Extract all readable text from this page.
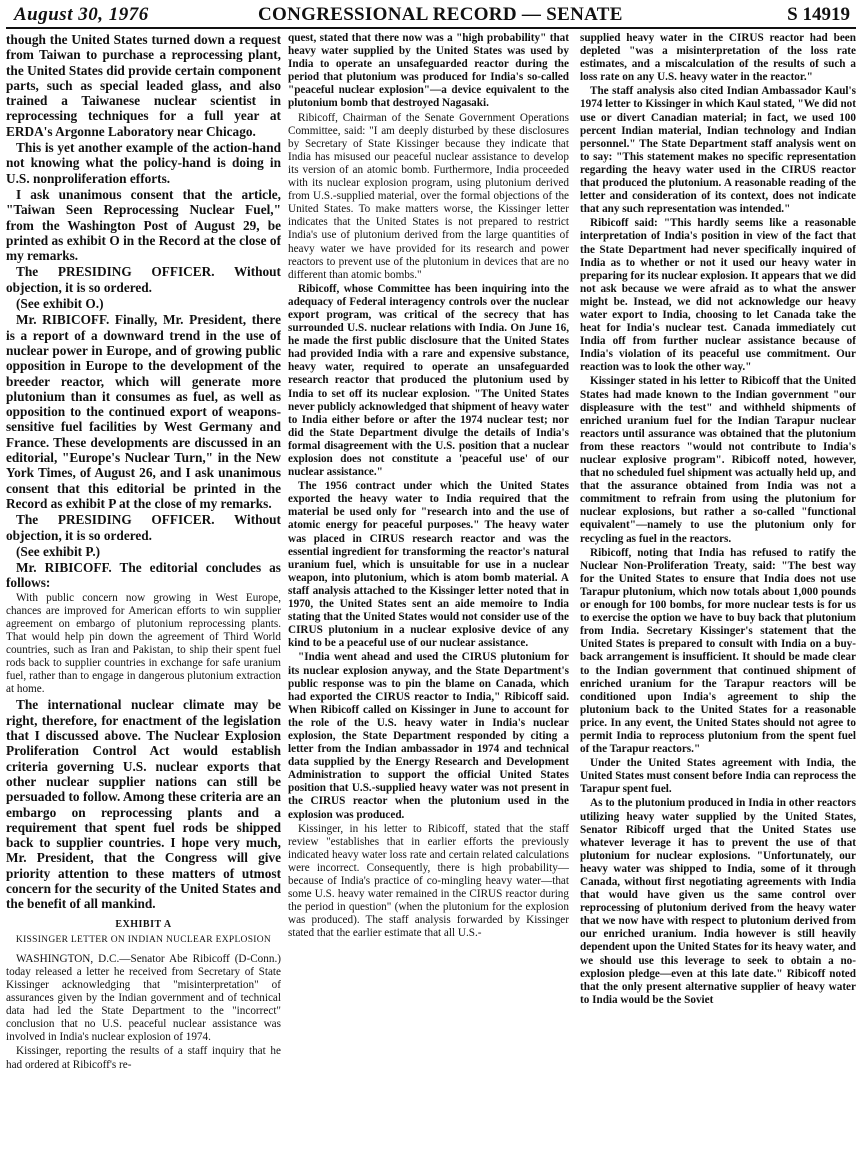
August 30, 1976	CONGRESSIONAL RECORD — SENATE	S 14919

though the United States turned down a request from Taiwan to purchase a reprocessing plant, the United States did provide certain component parts, such as special leaded glass, and also trained a Taiwanese nuclear scientist in reprocessing techniques for a full year at ERDA's Argonne Laboratory near Chicago.

This is yet another example of the action-hand not knowing what the policy-hand is doing in U.S. nonproliferation efforts.

I ask unanimous consent that the article, "Taiwan Seen Reprocessing Nuclear Fuel," from the Washington Post of August 29, be printed as exhibit O in the Record at the close of my remarks.

The PRESIDING OFFICER. Without objection, it is so ordered.

(See exhibit O.)

Mr. RIBICOFF. Finally, Mr. President, there is a report of a downward trend in the use of nuclear power in Europe, and of growing public opposition in Europe to the development of the breeder reactor, which will generate more plutonium than it consumes as fuel, as well as opposition to the continued export of weapons-sensitive fuel facilities by West Germany and France. These developments are discussed in an editorial, "Europe's Nuclear Turn," in the New York Times, of August 26, and I ask unanimous consent that this editorial be printed in the Record as exhibit P at the close of my remarks.

The PRESIDING OFFICER. Without objection, it is so ordered.

(See exhibit P.)

Mr. RIBICOFF. The editorial concludes as follows:

With public concern now growing in West Europe, chances are improved for American efforts to win supplier agreement on embargo of plutonium reprocessing plants. That would help pin down the agreement of Third World countries, such as Iran and Pakistan, to ship their spent fuel rods back to supplier countries in exchange for safe uranium fuel, rather than to engage in dangerous plutonium extraction at home.

The international nuclear climate may be right, therefore, for enactment of the legislation that I discussed above. The Nuclear Explosion Proliferation Control Act would establish criteria governing U.S. nuclear exports that other nuclear supplier nations can still be persuaded to follow. Among these criteria are an embargo on reprocessing plants and a requirement that spent fuel rods be shipped back to supplier countries. I hope very much, Mr. President, that the Congress will give priority attention to these matters of utmost concern for the security of the United States and the benefit of all mankind.

EXHIBIT A

KISSINGER LETTER ON INDIAN NUCLEAR EXPLOSION

WASHINGTON, D.C.—Senator Abe Ribicoff (D-Conn.) today released a letter he received from Secretary of State Kissinger acknowledging that "misinterpretation" of assurances given by the Indian government and of technical data had led the State Department to the "incorrect" conclusion that no U.S. peaceful nuclear assistance was involved in India's nuclear explosion of 1974.

Kissinger, reporting the results of a staff inquiry that he had ordered at Ribicoff's re-

quest, stated that there now was a "high probability" that heavy water supplied by the United States was used by India to operate an unsafeguarded reactor during the period that plutonium was produced for India's so-called "peaceful nuclear explosion"—a device equivalent to the plutonium bomb that destroyed Nagasaki.

Ribicoff, Chairman of the Senate Government Operations Committee, said: "I am deeply disturbed by these disclosures by Secretary of State Kissinger because they indicate that India has misused our peaceful nuclear assistance to develop its version of an atomic bomb. Furthermore, India proceeded with its nuclear explosion program, using plutonium derived from U.S.-supplied material, over the formal objections of the United States. To make matters worse, the Kissinger letter indicates that the United States is not prepared to restrict India's use of plutonium derived from the large quantities of heavy water we have provided for its research and power reactors to prevent use of the plutonium in devices that are no different than atomic bombs."

Ribicoff, whose Committee has been inquiring into the adequacy of Federal interagency controls over the nuclear export program, was critical of the secrecy that has surrounded U.S. nuclear relations with India. On June 16, he made the first public disclosure that the United States had provided India with a rare and expensive substance, heavy water, required to operate an unsafeguarded research reactor that produced the plutonium used by India to set off its nuclear explosion. "The United States never publicly acknowledged that shipment of heavy water to India either before or after the 1974 nuclear test; nor did the State Department divulge the details of India's formal disagreement with the U.S. position that a nuclear explosion does not constitute a 'peaceful use' of our nuclear assistance."

The 1956 contract under which the United States exported the heavy water to India required that the material be used only for "research into and the use of atomic energy for peaceful purposes." The heavy water was placed in CIRUS research reactor and was the essential ingredient for transforming the reactor's natural uranium fuel, which is unsuitable for use in a nuclear weapon, into plutonium, which is atom bomb material. A staff analysis attached to the Kissinger letter noted that in 1970, the United States sent an aide memoire to India stating that the United States would not consider use of the CIRUS plutonium in a nuclear explosive device of any kind to be a peaceful use of our nuclear assistance.

"India went ahead and used the CIRUS plutonium for its nuclear explosion anyway, and the State Department's public response was to pin the blame on Canada, which had exported the CIRUS reactor to India," Ribicoff said. When Ribicoff called on Kissinger in June to account for the role of the U.S. heavy water in India's nuclear explosion, the State Department responded by citing a letter from the Indian ambassador in 1974 and technical data supplied by the Energy Research and Development Administration to support the official United States position that U.S.-supplied heavy water was not present in the CIRUS reactor when the plutonium used in the explosion was produced.

Kissinger, in his letter to Ribicoff, stated that the staff review "establishes that in earlier efforts the previously indicated heavy water loss rate and certain related calculations were incorrect. Consequently, there is high probability—because of India's practice of co-mingling heavy water—that some U.S. heavy water remained in the CIRUS reactor during the period in question" (when the plutonium for the explosion was produced). The staff analysis forwarded by Kissinger stated that the earlier estimate that all U.S.-

supplied heavy water in the CIRUS reactor had been depleted "was a misinterpretation of the loss rate estimates, and a miscalculation of the results of such a loss rate on any U.S. heavy water in the reactor."

The staff analysis also cited Indian Ambassador Kaul's 1974 letter to Kissinger in which Kaul stated, "We did not use or divert Canadian material; in fact, we used 100 percent Indian material, Indian technology and Indian personnel." The State Department staff analysis went on to say: "This statement makes no specific representation regarding the heavy water used in the CIRUS reactor that produced the plutonium. A reasonable reading of the letter and consideration of its context, does not indicate that any such representation was intended."

Ribicoff said: "This hardly seems like a reasonable interpretation of India's position in view of the fact that the State Department had never specifically inquired of India as to whether or not it used our heavy water in preparing for its nuclear explosion. It appears that we did not ask because we were afraid as to what the answer might be. Instead, we did not acknowledge our heavy water export to India, choosing to let Canada take the heat for India's nuclear test. Canada immediately cut India off from further nuclear assistance because of India's violation of its peaceful use commitment. Our reaction was to look the other way."

Kissinger stated in his letter to Ribicoff that the United States had made known to the Indian government "our displeasure with the test" and withheld shipments of enriched uranium fuel for the Indian Tarapur nuclear reactors until assurance was obtained that the plutonium from these reactors "would not contribute to India's nuclear explosive program". Ribicoff noted, however, that no scheduled fuel shipment was actually held up, and that the assurance obtained from India was not a commitment to refrain from using the plutonium for nuclear explosions, but rather a so-called "functional equivalent"—namely to use the plutonium only for recycling as fuel in the reactors.

Ribicoff, noting that India has refused to ratify the Nuclear Non-Proliferation Treaty, said: "The best way for the United States to ensure that India does not use Tarapur plutonium, which now totals about 1,000 pounds or enough for 100 bombs, for more nuclear tests is for us to exercise the option we have to buy back that plutonium from India. Secretary Kissinger's statement that the United States is prepared to consult with India on a buy-back arrangement is insufficient. It should be made clear to the Indian government that continued shipment of enriched uranium for the Tarapur reactors will be conditioned upon India's agreement to ship the plutonium back to the United States for a reasonable price. In any event, the United States should not agree to permit India to reprocess plutonium from the spent fuel of the Tarapur reactors."

Under the United States agreement with India, the United States must consent before India can reprocess the Tarapur spent fuel.

As to the plutonium produced in India in other reactors utilizing heavy water supplied by the United States, Senator Ribicoff urged that the United States use whatever leverage it has to prevent the use of that plutonium for nuclear explosions. "Unfortunately, our heavy water was shipped to India, some of it through Canada, without first negotiating agreements with India that would have given us the same control over reprocessing of plutonium derived from the heavy water that we now have with respect to plutonium derived from our enriched uranium. India however is still heavily dependent upon the United States for its heavy water, and we should use this leverage to seek to obtain a no-explosion pledge—even at this late date." Ribicoff noted that the only present alternative supplier of heavy water to India would be the Soviet
